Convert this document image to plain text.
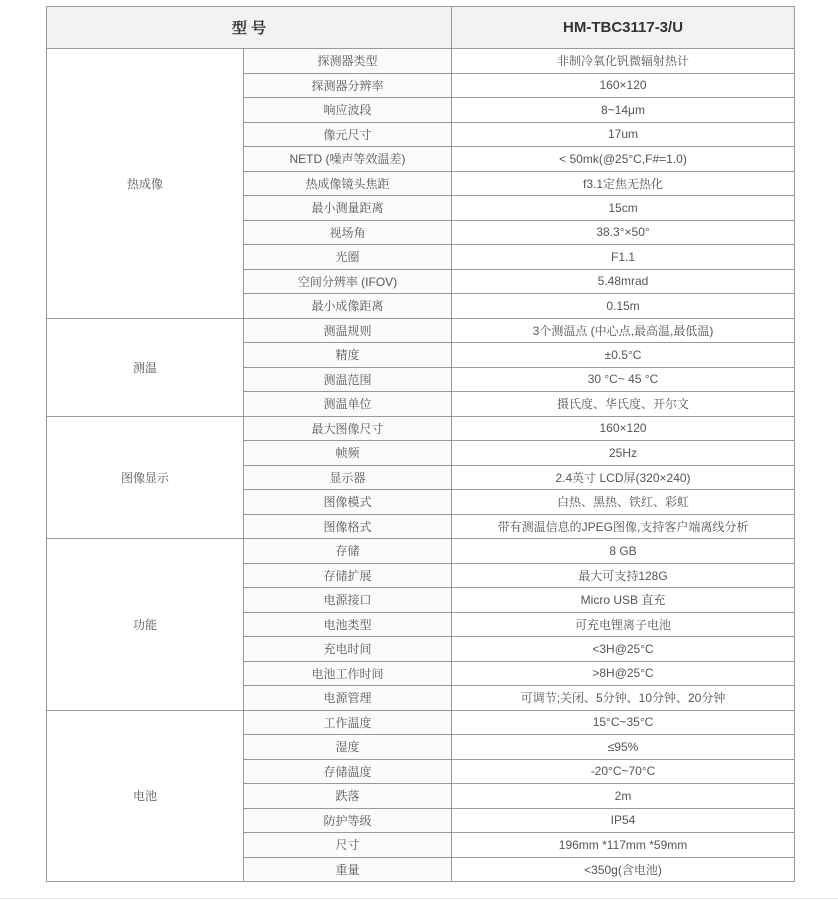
型 号		HM-TBC3117-3/U
热成像	探测器类型	非制冷氧化钒微辐射热计
	探测器分辨率	160×120
	响应波段	8~14μm
	像元尺寸	17um
	NETD (噪声等效温差)	< 50mk(@25°C,F#=1.0)
	热成像镜头焦距	f3.1定焦无热化
	最小测量距离	15cm
	视场角	38.3°×50°
	光圈	F1.1
	空间分辨率 (IFOV)	5.48mrad
	最小成像距离	0.15m
测温	测温规则	3个测温点 (中心点,最高温,最低温)
	精度	±0.5°C
	测温范围	30 °C~ 45 °C
	测温单位	摄氏度、华氏度、开尔文
图像显示	最大图像尺寸	160×120
	帧频	25Hz
	显示器	2.4英寸 LCD屏(320×240)
	图像模式	白热、黑热、铁红、彩虹
	图像格式	带有测温信息的JPEG图像,支持客户端离线分析
功能	存储	8 GB
	存储扩展	最大可支持128G
	电源接口	Micro USB 直充
	电池类型	可充电锂离子电池
	充电时间	<3H@25°C
	电池工作时间	>8H@25°C
	电源管理	可调节;关闭、5分钟、10分钟、20分钟
电池	工作温度	15°C~35°C
	湿度	≤95%
	存储温度	-20°C~70°C
	跌落	2m
	防护等级	IP54
	尺寸	196mm *117mm *59mm
	重量	<350g(含电池)
